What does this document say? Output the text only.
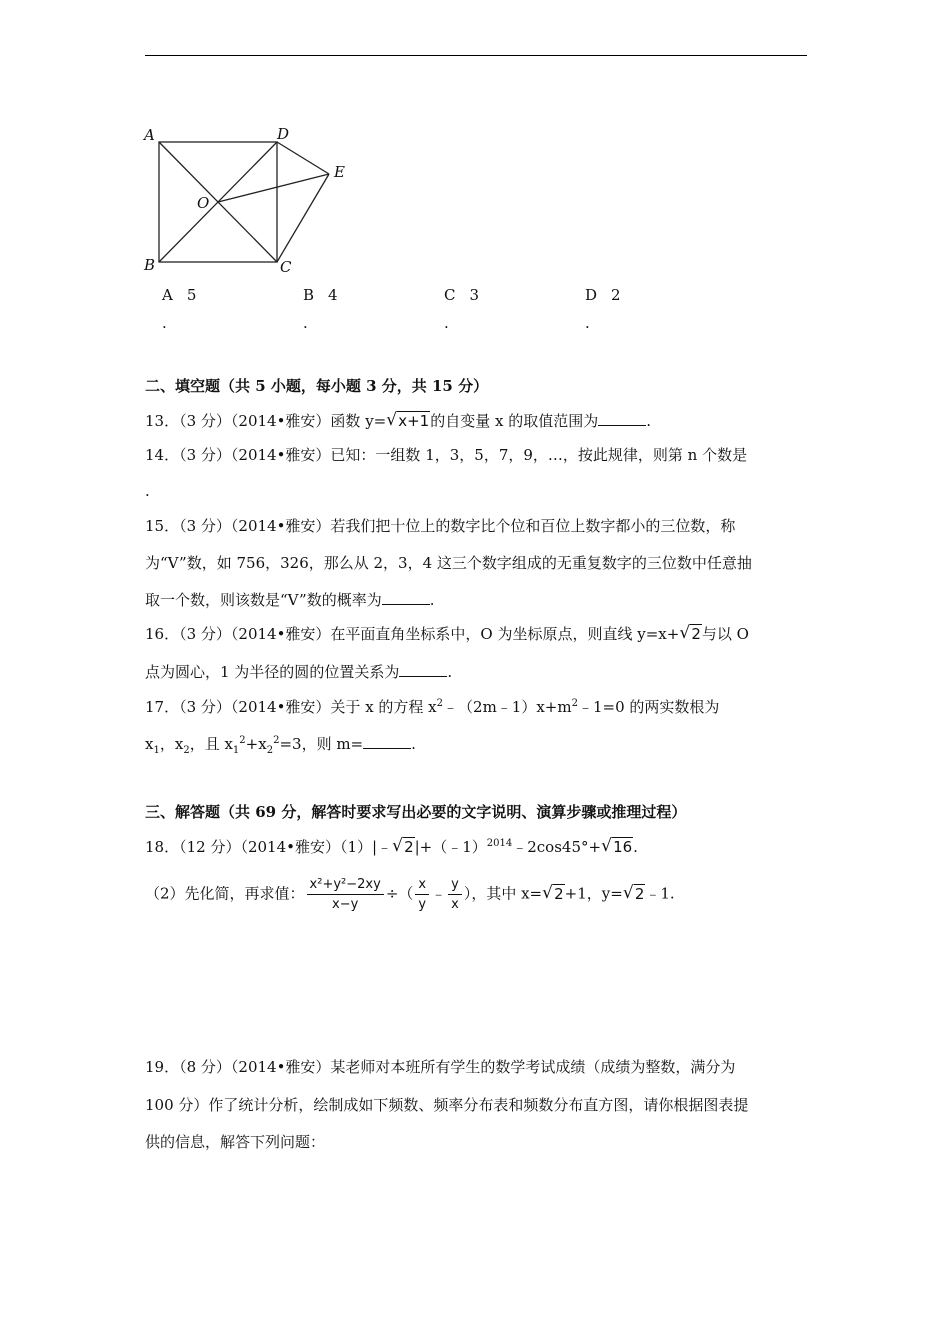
A
B	C
D
E
O
A 5
.
B 4
.
C 3
.
D 2
.
二、填空题（共 5 小题，每小题 3 分，共 15 分）
13．（3 分）（2014•雅安）函数 y= √ x+1的自变量 x 的取值范围为	.
14．（3 分）（2014•雅安）已知：一组数 1，3，5，7，9，…，按此规律，则第 n 个数是
.
15．（3 分）（2014•雅安）若我们把十位上的数字比个位和百位上数字都小的三位数，称
为“V”数，如 756，326，那么从 2，3，4 这三个数字组成的无重复数字的三位数中任意抽
取一个数，则该数是“V”数的概率为	.
16．（3 分）（2014•雅安）在平面直角坐标系中，O 为坐标原点，则直线 y=x+ √ 2与以 O
点为圆心，1 为半径的圆的位置关系为	.
17．（3 分）（2014•雅安）关于 x 的方程 $x^2﹣(2m﹣1)x+m^2﹣1=0$ 的两实数根为
$x_1$，$x_2$，且 $x_1^2+x_2^2=3$，则 m=	.
三、解答题（共 69 分，解答时要求写出必要的文字说明、演算步骤或推理过程）
18．（12 分）（2014•雅安）（1）|﹣ √ 2|+（﹣1）$^{2014}$﹣2cos45°+ √ 16.
（2）先化简，再求值： $\frac{\text{x²+y²−2xy}}{x-y}$ ÷（ $\frac{x}{y}$ ﹣ $\frac{y}{x}$ ），其中 x= √ 2+1，y= √ 2﹣1.
19．（8 分）（2014•雅安）某老师对本班所有学生的数学考试成绩（成绩为整数，满分为
100 分）作了统计分析，绘制成如下频数、频率分布表和频数分布直方图，请你根据图表提
供的信息，解答下列问题：
